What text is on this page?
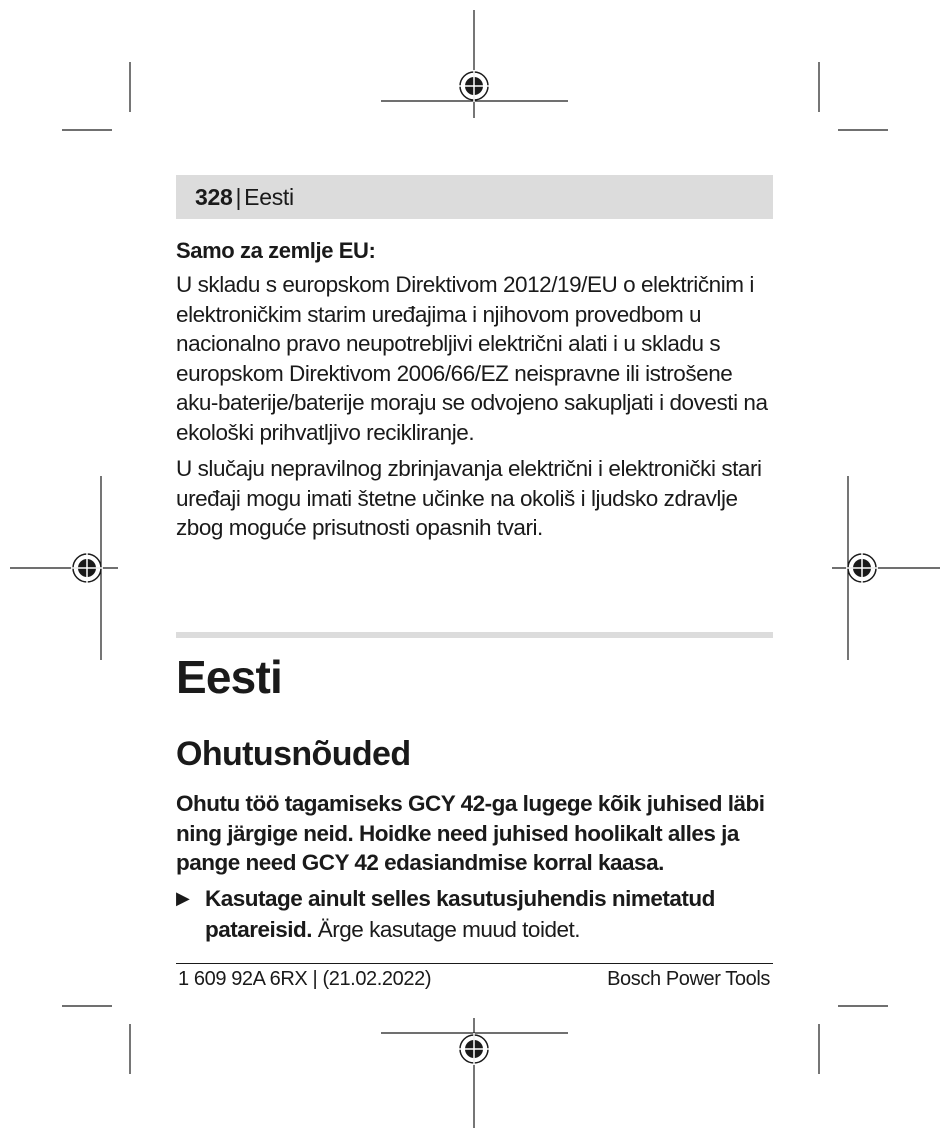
328 | Eesti
Samo za zemlje EU:
U skladu s europskom Direktivom 2012/19/EU o električnim i elektroničkim starim uređajima i njihovom provedbom u nacionalno pravo neupotrebljivi električni alati i u skladu s europskom Direktivom 2006/66/EZ neispravne ili istrošene aku-baterije/baterije moraju se odvojeno sakupljati i dovesti na ekološki prihvatljivo recikliranje.
U slučaju nepravilnog zbrinjavanja električni i elektronički stari uređaji mogu imati štetne učinke na okoliš i ljudsko zdravlje zbog moguće prisutnosti opasnih tvari.
Eesti
Ohutusnõuded
Ohutu töö tagamiseks GCY 42-ga lugege kõik juhised läbi ning järgige neid. Hoidke need juhised hoolikalt alles ja pange need GCY 42 edasiandmise korral kaasa.
▶ Kasutage ainult selles kasutusjuhendis nimetatud patareisid. Ärge kasutage muud toidet.
1 609 92A 6RX | (21.02.2022)	Bosch Power Tools
